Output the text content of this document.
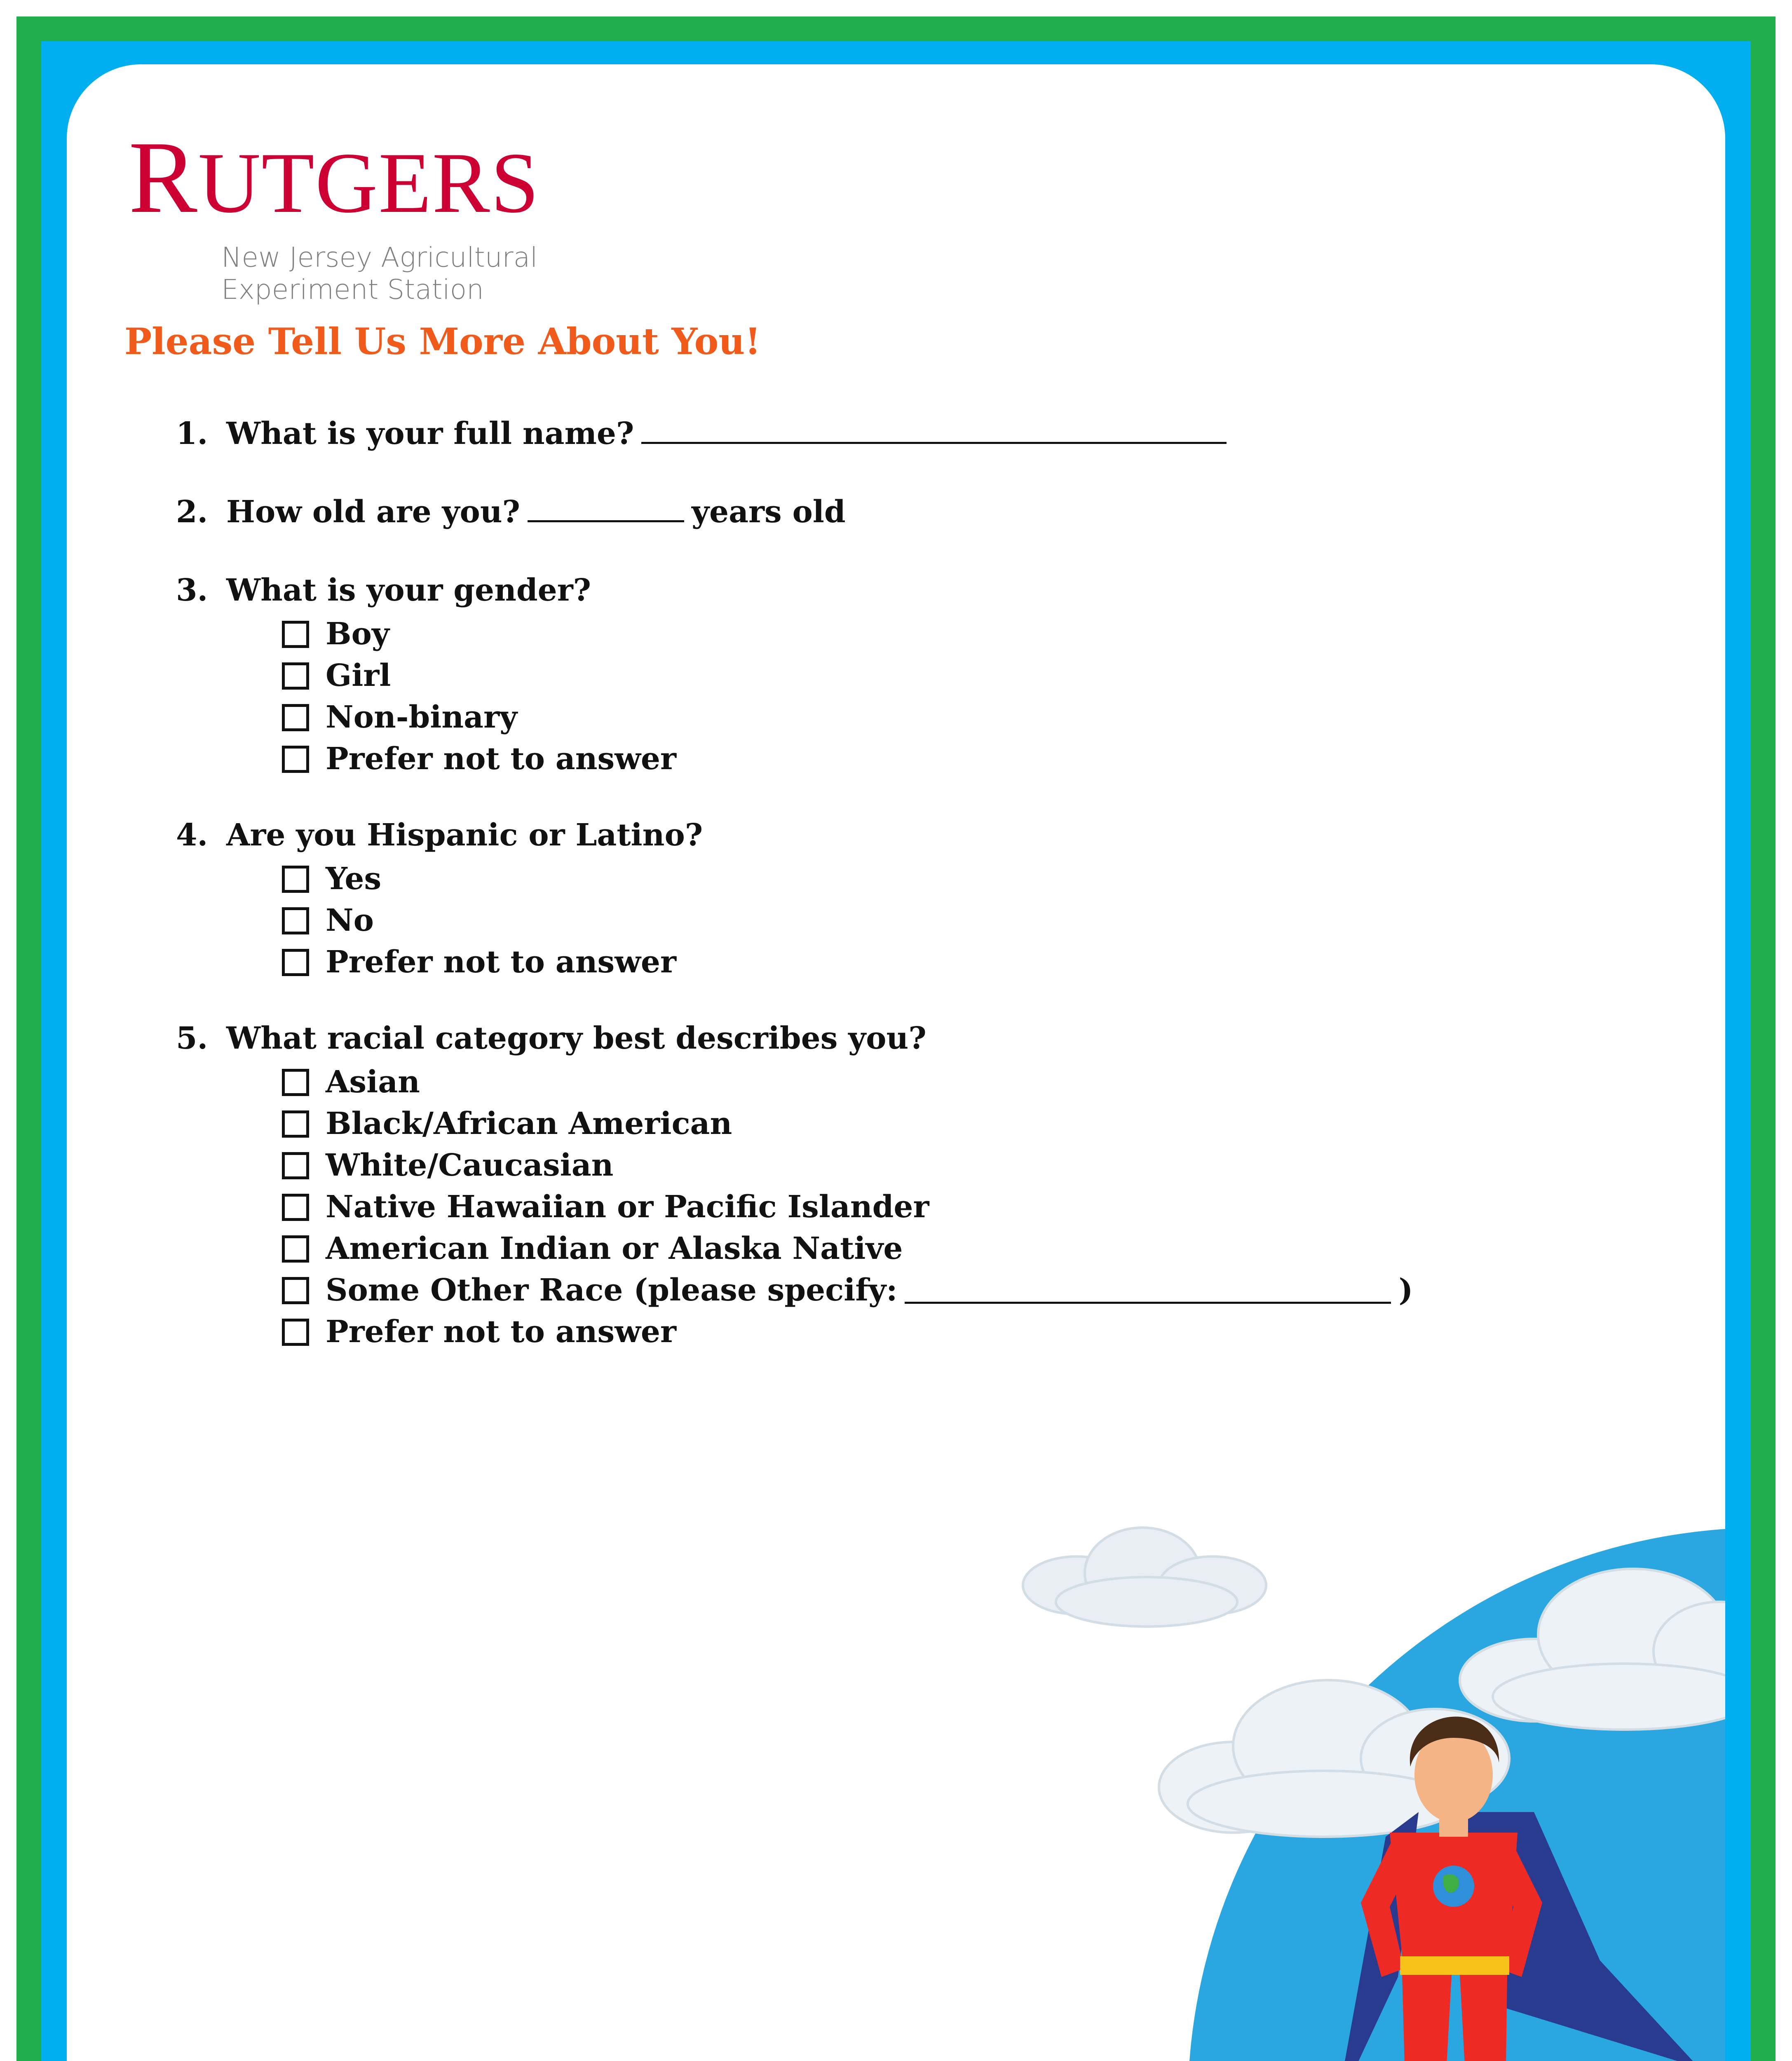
RUTGERS
New Jersey Agricultural
Experiment Station
Please Tell Us More About You!
1. What is your full name?
2. How old are you?	years old
3. What is your gender?
Boy
Girl
Non-binary
Prefer not to answer
4. Are you Hispanic or Latino?
Yes
No
Prefer not to answer
5. What racial category best describes you?
Asian
Black/African American
White/Caucasian
Native Hawaiian or Pacific Islander
American Indian or Alaska Native
Some Other Race (please specify:	)
Prefer not to answer
